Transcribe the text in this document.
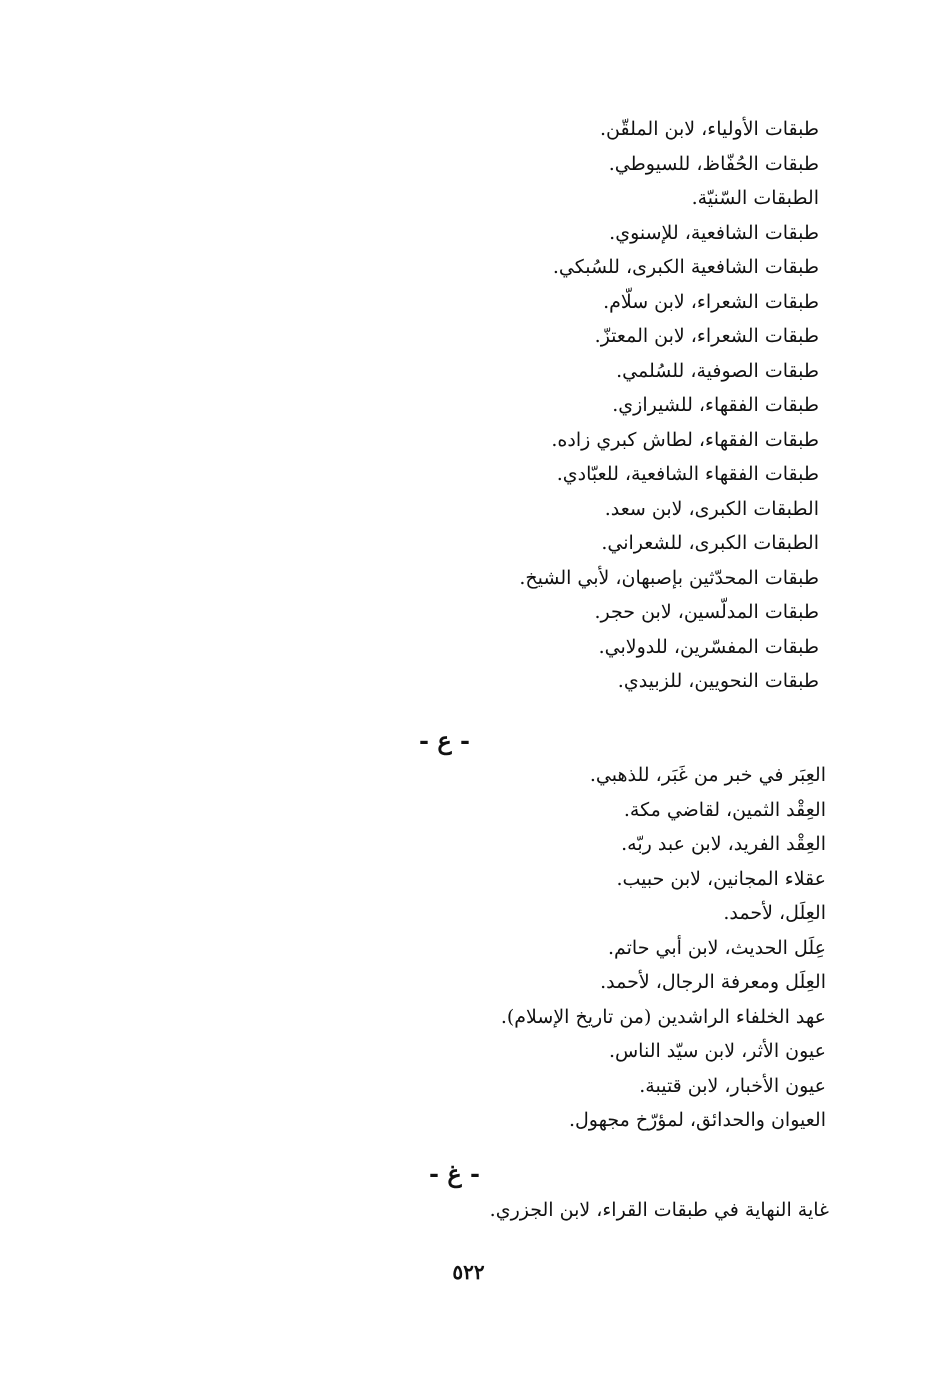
طبقات الأولياء، لابن الملقّن.
طبقات الحُفّاظ، للسيوطي.
الطبقات السّنيّة.
طبقات الشافعية، للإسنوي.
طبقات الشافعية الكبرى، للسُبكي.
طبقات الشعراء، لابن سلّام.
طبقات الشعراء، لابن المعتزّ.
طبقات الصوفية، للسُلمي.
طبقات الفقهاء، للشيرازي.
طبقات الفقهاء، لطاش كبري زاده.
طبقات الفقهاء الشافعية، للعبّادي.
الطبقات الكبرى، لابن سعد.
الطبقات الكبرى، للشعراني.
طبقات المحدّثين بإصبهان، لأبي الشيخ.
طبقات المدلّسين، لابن حجر.
طبقات المفسّرين، للدولابي.
طبقات النحويين، للزبيدي.
- ع -
العِبَر في خبر من غَبَر، للذهبي.
العِقْد الثمين، لقاضي مكة.
العِقْد الفريد، لابن عبد ربّه.
عقلاء المجانين، لابن حبيب.
العِلَل، لأحمد.
عِلَل الحديث، لابن أبي حاتم.
العِلَل ومعرفة الرجال، لأحمد.
عهد الخلفاء الراشدين (من تاريخ الإسلام).
عيون الأثر، لابن سيّد الناس.
عيون الأخبار، لابن قتيبة.
العيوان والحدائق، لمؤرّخ مجهول.
- غ -
غاية النهاية في طبقات القراء، لابن الجزري.
٥٢٢
